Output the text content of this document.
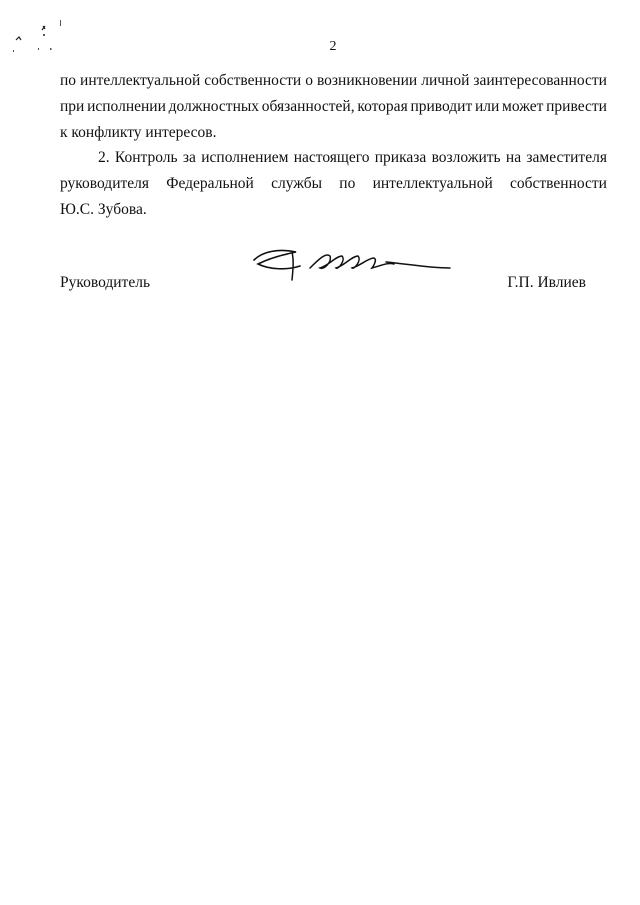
2
по интеллектуальной собственности о возникновении личной заинтересованности
при исполнении должностных обязанностей, которая приводит или может привести
к конфликту интересов.
2. Контроль за исполнением настоящего приказа возложить на заместителя
руководителя Федеральной службы по интеллектуальной собственности
Ю.С. Зубова.
Руководитель	Г.П. Ивлиев
